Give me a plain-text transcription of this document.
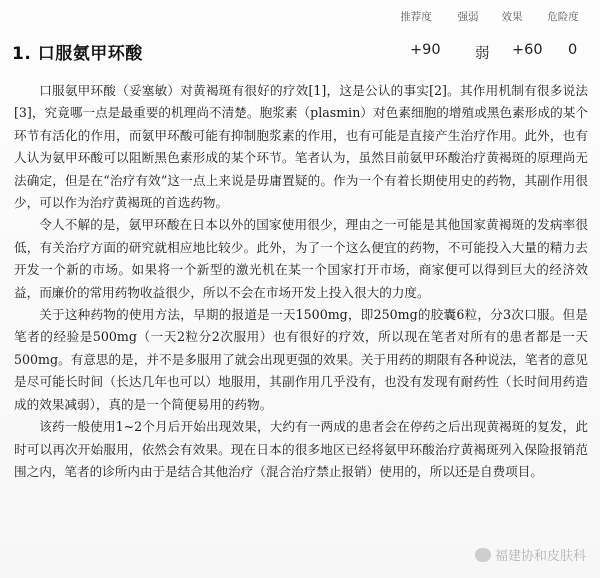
推荐度	强弱	效果	危险度
1. 口服氨甲环酸	+90 弱 +60 0

口服氨甲环酸（妥塞敏）对黄褐斑有很好的疗效[1]，这是公认的事实[2]。其作用机制有很多说法[3]，究竟哪一点是最重要的机理尚不清楚。胞浆素（plasmin）对色素细胞的增殖或黑色素形成的某个环节有活化的作用，而氨甲环酸可能有抑制胞浆素的作用，也有可能是直接产生治疗作用。此外，也有人认为氨甲环酸可以阻断黑色素形成的某个环节。笔者认为，虽然目前氨甲环酸治疗黄褐斑的原理尚无法确定，但是在“治疗有效”这一点上来说是毋庸置疑的。作为一个有着长期使用史的药物，其副作用很少，可以作为治疗黄褐斑的首选药物。

令人不解的是，氨甲环酸在日本以外的国家使用很少，理由之一可能是其他国家黄褐斑的发病率很低，有关治疗方面的研究就相应地比较少。此外，为了一个这么便宜的药物，不可能投入大量的精力去开发一个新的市场。如果将一个新型的激光机在某一个国家打开市场，商家便可以得到巨大的经济效益，而廉价的常用药物收益很少，所以不会在市场开发上投入很大的力度。

关于这种药物的使用方法，早期的报道是一天1500mg，即250mg的胶囊6粒，分3次口服。但是笔者的经验是500mg（一天2粒分2次服用）也有很好的疗效，所以现在笔者对所有的患者都是一天500mg。有意思的是，并不是多服用了就会出现更强的效果。关于用药的期限有各种说法，笔者的意见是尽可能长时间（长达几年也可以）地服用，其副作用几乎没有，也没有发现有耐药性（长时间用药造成的效果减弱），真的是一个简便易用的药物。

该药一般使用1~2个月后开始出现效果，大约有一两成的患者会在停药之后出现黄褐斑的复发，此时可以再次开始服用，依然会有效果。现在日本的很多地区已经将氨甲环酸治疗黄褐斑列入保险报销范围之内，笔者的诊所内由于是结合其他治疗（混合治疗禁止报销）使用的，所以还是自费项目。

福建协和皮肤科
